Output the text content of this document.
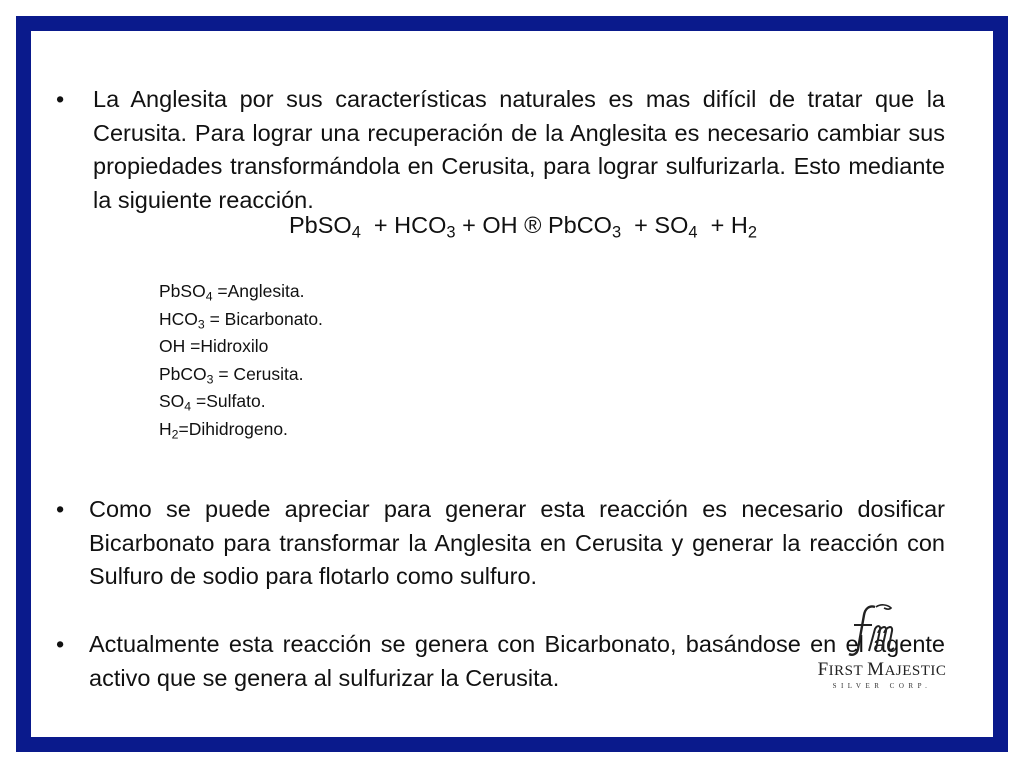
• La Anglesita por sus características naturales es mas difícil de tratar que la Cerusita. Para lograr una recuperación de la Anglesita es necesario cambiar sus propiedades transformándola en Cerusita, para lograr sulfurizarla. Esto mediante la siguiente reacción.
PbSO$_4$  + $HCO_3$ + OH ® PbCO$_3$  + $SO_4 + H_2$
PbSO$_4$ =Anglesita.
$HCO_3$ = Bicarbonato.
OH =Hidroxilo
PbCO$_3$ = Cerusita.
$SO_4$ =Sulfato.
$H_2=Dihidrogeno$.
• Como se puede apreciar para generar esta reacción es necesario dosificar Bicarbonato para transformar la Anglesita en Cerusita y generar la reacción con Sulfuro de sodio para flotarlo como sulfuro.
• Actualmente esta reacción se genera con Bicarbonato, basándose en el agente activo que se genera al sulfurizar la Cerusita.	FIRST MAJESTIC
SILVER CORP.
